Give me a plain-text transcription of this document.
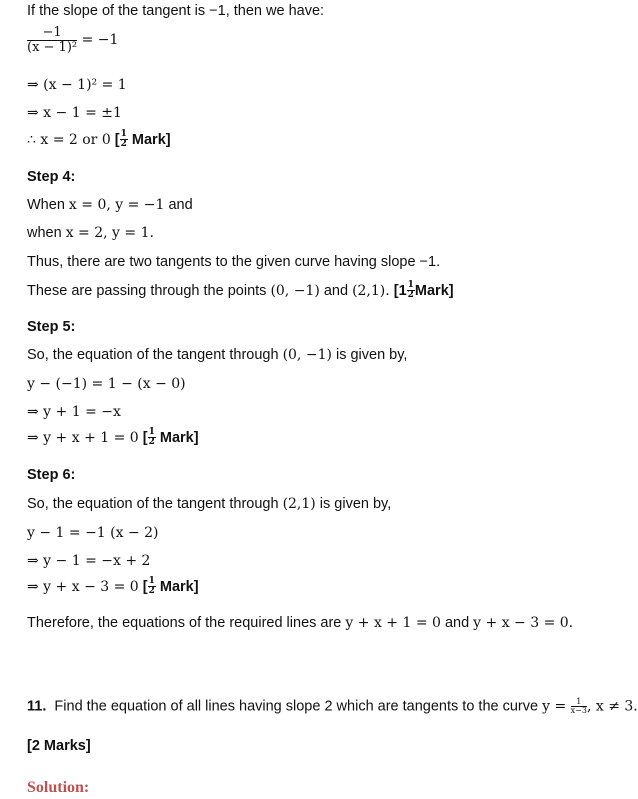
If the slope of the tangent is −1, then we have:
$\frac{-1}{\text{(x − 1)²}} = -1$
⇒ (x − 1)² = 1
⇒ x − 1 = ±1
∴ x = 2 or 0 [ $\frac{1}{2}$ Mark]
Step 4:
When x = 0, y = −1 and
when x = 2, y = 1.
Thus, there are two tangents to the given curve having slope −1.
These are passing through the points (0, −1) and (2,1). [$1 \frac{1}{2}$ Mark]
Step 5:
So, the equation of the tangent through (0, −1) is given by,
y − (−1) = 1 − (x − 0)
⇒ y + 1 = −x
⇒ y + x + 1 = 0 [ $\frac{1}{2}$ Mark]
Step 6:
So, the equation of the tangent through (2,1) is given by,
y − 1 = −1 (x − 2)
⇒ y − 1 = −x + 2
⇒ y + x − 3 = 0 [ $\frac{1}{2}$ Mark]
Therefore, the equations of the required lines are y + x + 1 = 0 and y + x − 3 = 0.
11. Find the equation of all lines having slope 2 which are tangents to the curve $y = \frac{1}{x-3}$ , x ≠ 3.
[2 Marks]
Solution:
